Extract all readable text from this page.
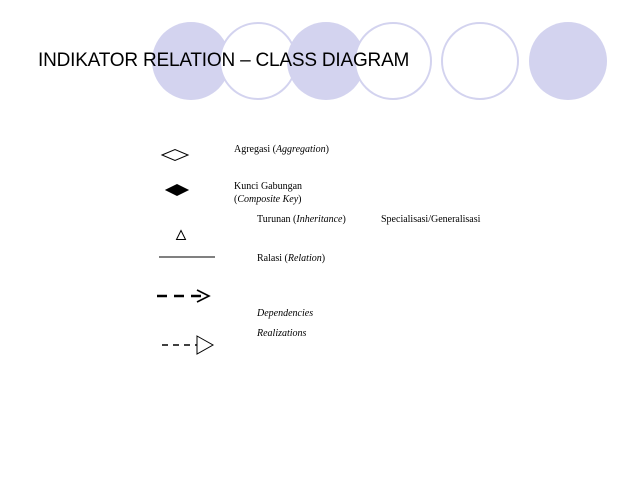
INDIKATOR RELATION – CLASS DIAGRAM
Agregasi (Aggregation)
Kunci Gabungan
(Composite Key)
Turunan (Inheritance)	Specialisasi/Generalisasi
Ralasi (Relation)
Dependencies
Realizations
